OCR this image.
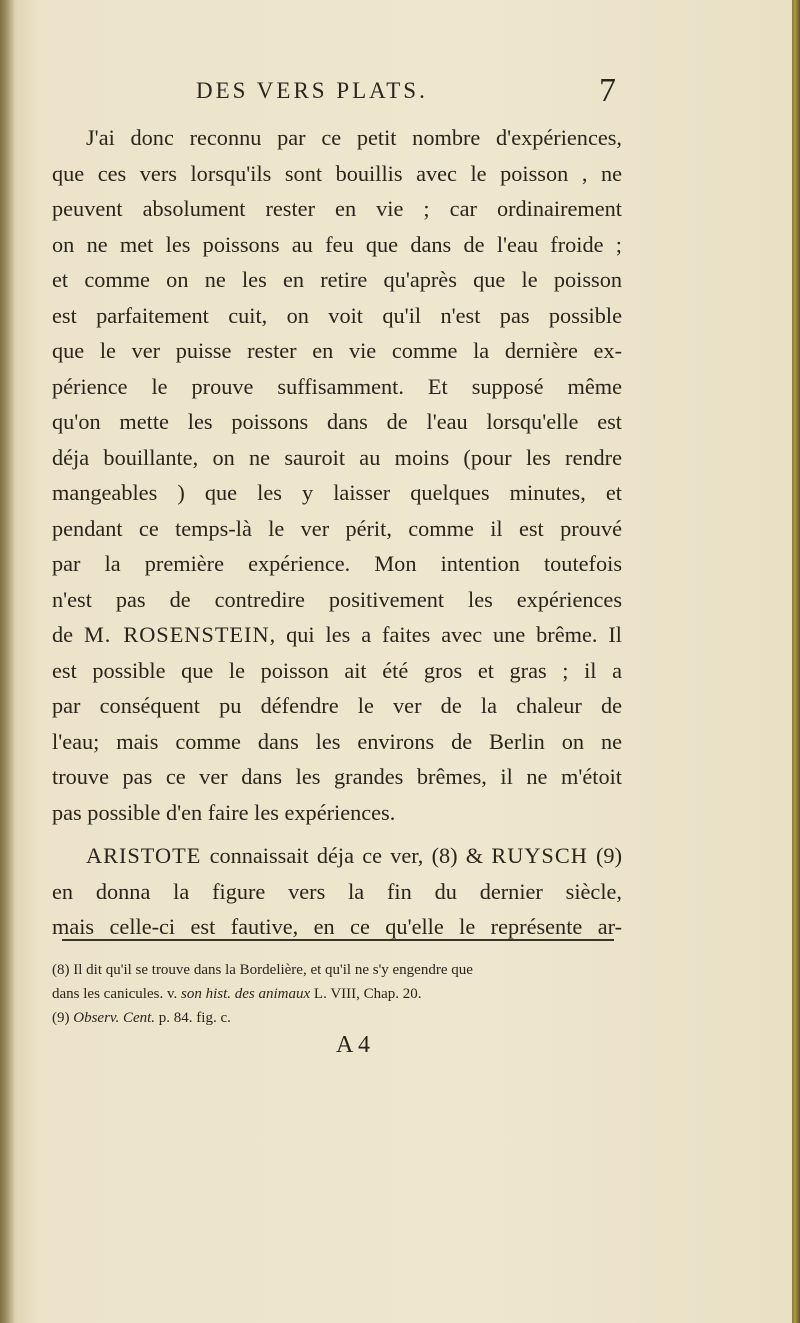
DES VERS PLATS.	7
J'ai donc reconnu par ce petit nombre d'expériences,
que ces vers lorsqu'ils sont bouillis avec le poisson , ne
peuvent absolument rester en vie ; car ordinairement
on ne met les poissons au feu que dans de l'eau froide ;
et comme on ne les en retire qu'après que le poisson
est parfaitement cuit, on voit qu'il n'est pas possible
que le ver puisse rester en vie comme la dernière ex-
périence le prouve suffisamment. Et supposé même
qu'on mette les poissons dans de l'eau lorsqu'elle est
déja bouillante, on ne sauroit au moins (pour les rendre
mangeables ) que les y laisser quelques minutes, et
pendant ce temps-là le ver périt, comme il est prouvé
par la première expérience. Mon intention toutefois
n'est pas de contredire positivement les expériences
de M. ROSENSTEIN, qui les a faites avec une brême. Il
est possible que le poisson ait été gros et gras ; il a
par conséquent pu défendre le ver de la chaleur de
l'eau; mais comme dans les environs de Berlin on ne
trouve pas ce ver dans les grandes brêmes, il ne m'étoit
pas possible d'en faire les expériences.
ARISTOTE connaissait déja ce ver, (8) & RUYSCH (9)
en donna la figure vers la fin du dernier siècle,
mais celle-ci est fautive, en ce qu'elle le représente ar-
(8) Il dit qu'il se trouve dans la Bordelière, et qu'il ne s'y engendre que
dans les canicules. v. son hist. des animaux L. VIII, Chap. 20.
(9) Observ. Cent. p. 84. fig. c.
A 4
